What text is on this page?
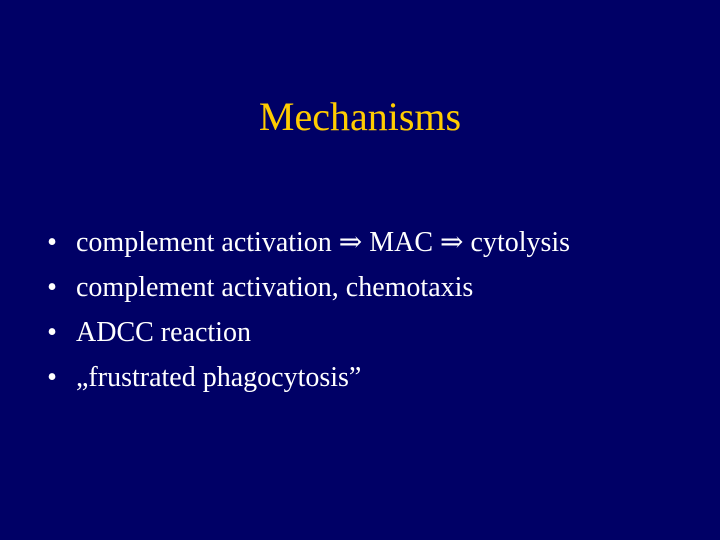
Mechanisms
• complement activation ⇒ MAC ⇒ cytolysis
• complement activation, chemotaxis
• ADCC reaction
• „frustrated phagocytosis”
